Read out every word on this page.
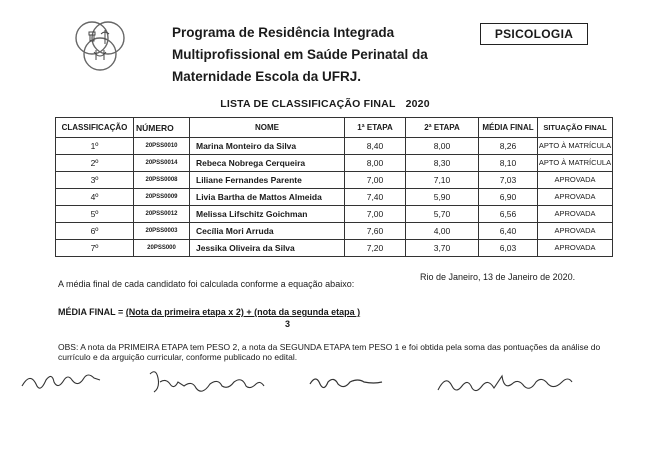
Programa de Residência Integrada
Multiprofissional em Saúde Perinatal da
Maternidade Escola da UFRJ.
PSICOLOGIA
LISTA DE CLASSIFICAÇÃO FINAL 2020
CLASSIFICAÇÃO	NÚMERO	NOME	1ª ETAPA	2ª ETAPA	MÉDIA FINAL	SITUAÇÃO FINAL
1º	20PSS0010	Marina Monteiro da Silva	8,40	8,00	8,26	APTO À MATRÍCULA
2º	20PSS0014	Rebeca Nobrega Cerqueira	8,00	8,30	8,10	APTO À MATRÍCULA
3º	20PSS0008	Liliane Fernandes Parente	7,00	7,10	7,03	APROVADA
4º	20PSS0009	Livia Bartha de Mattos Almeida	7,40	5,90	6,90	APROVADA
5º	20PSS0012	Melissa Lifschitz Goichman	7,00	5,70	6,56	APROVADA
6º	20PSS0003	Cecília Mori Arruda	7,60	4,00	6,40	APROVADA
7º	20PSS000	Jessika Oliveira da Silva	7,20	3,70	6,03	APROVADA
Rio de Janeiro, 13 de Janeiro de 2020.
A média final de cada candidato foi calculada conforme a equação abaixo:
MÉDIA FINAL = (Nota da primeira etapa x 2) + (nota da segunda etapa )
3
OBS: A nota da PRIMEIRA ETAPA tem PESO 2, a nota da SEGUNDA ETAPA tem PESO 1 e foi obtida pela soma das pontuações da análise do currículo e da arguição curricular, conforme publicado no edital.
